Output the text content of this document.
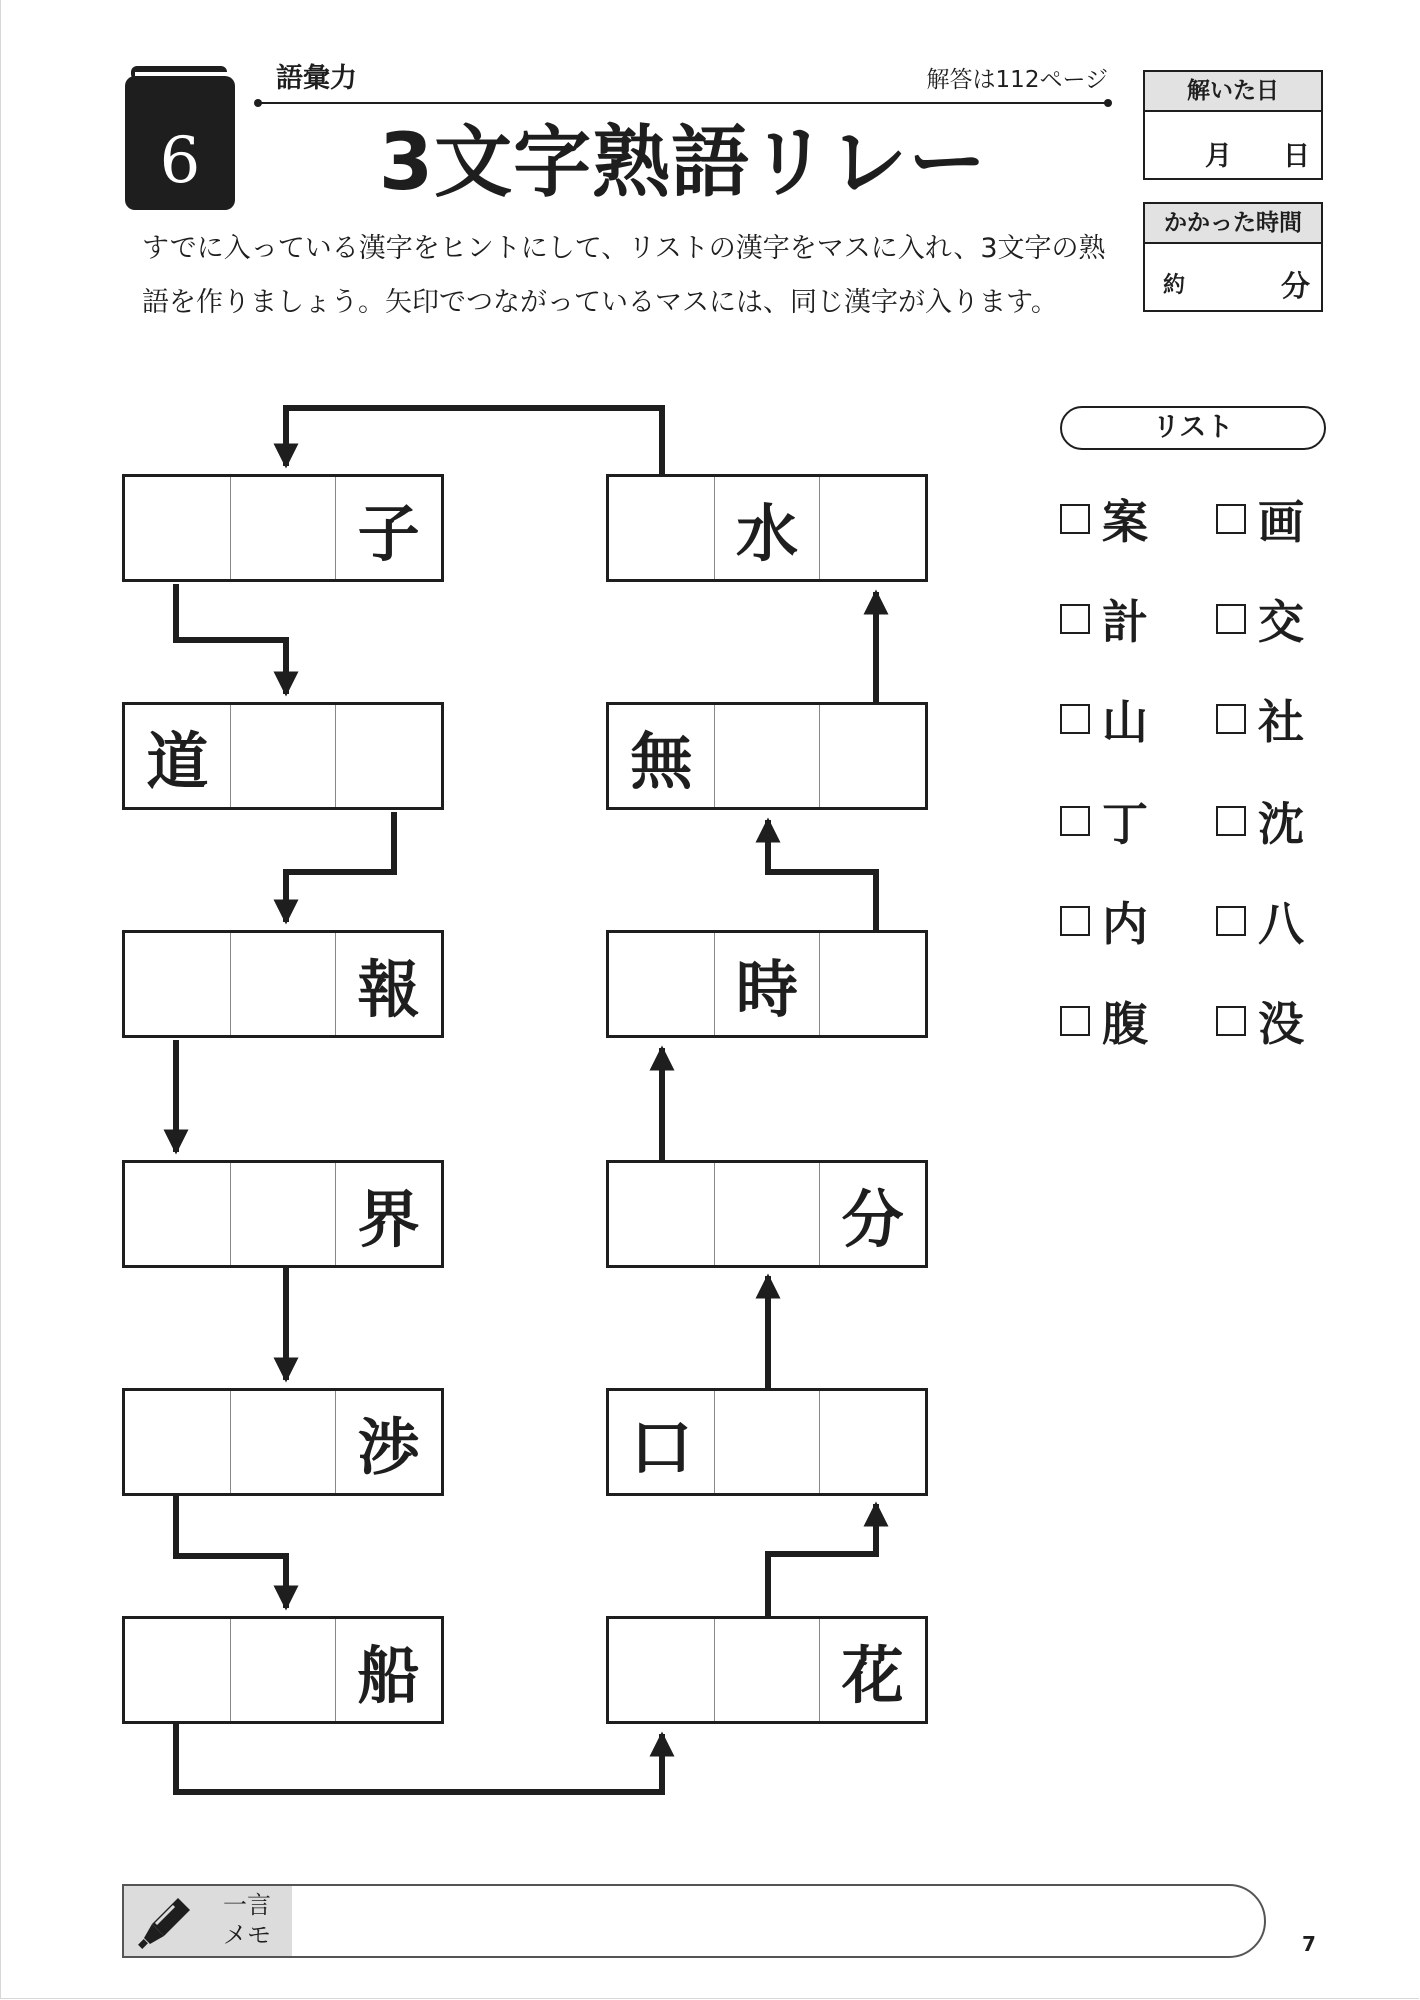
6
語彙力	解答は112ページ
3文字熟語リレー
すでに入っている漢字をヒントにして、リストの漢字をマスに入れ、3文字の熟語を作りましょう。矢印でつながっているマスには、同じ漢字が入ります。
解いた日
月 日
かかった時間
約	分
子
道
報
界
渉
船
水
無
時
分
口
花
リスト
案 画
計 交
山 社
丁 沈
内 八
腹 没
一言
メモ	7
